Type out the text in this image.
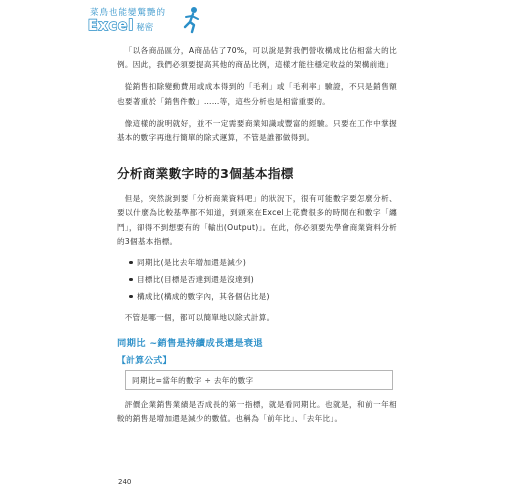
菜鳥也能變驚艷的
Excel 秘密

「以各商品區分，A商品佔了70%，可以說是對我們營收構成比佔相當大的比例。因此，我們必須要提高其他的商品比例，這樣才能往穩定收益的架構前進」

從銷售扣除變動費用或成本得到的「毛利」或「毛利率」驗證，不只是銷售額也要著重於「銷售件數」……等，這些分析也是相當重要的。

像這樣的說明就好，並不一定需要商業知識或豐富的經驗。只要在工作中掌握基本的數字再進行簡單的除式運算，不管是誰都做得到。

分析商業數字時的3個基本指標

但是，突然說到要「分析商業資料吧」的狀況下，很有可能數字要怎麼分析、要以什麼為比較基準都不知道，到頭來在Excel上花費很多的時間在和數字「纏鬥」，卻得不到想要有的「輸出(Output)」。在此，你必須要先學會商業資料分析的3個基本指標。

同期比(是比去年增加還是減少)
目標比(目標是否達到還是沒達到)
構成比(構成的數字內，其各個佔比是)

不管是哪一個，都可以簡單地以除式計算。

同期比 ~銷售是持續成長還是衰退
【計算公式】
同期比=當年的數字 ÷ 去年的數字

評價企業銷售業績是否成長的第一指標，就是看同期比。也就是，和前一年相較的銷售是增加還是減少的數值。也稱為「前年比」、「去年比」。

240
